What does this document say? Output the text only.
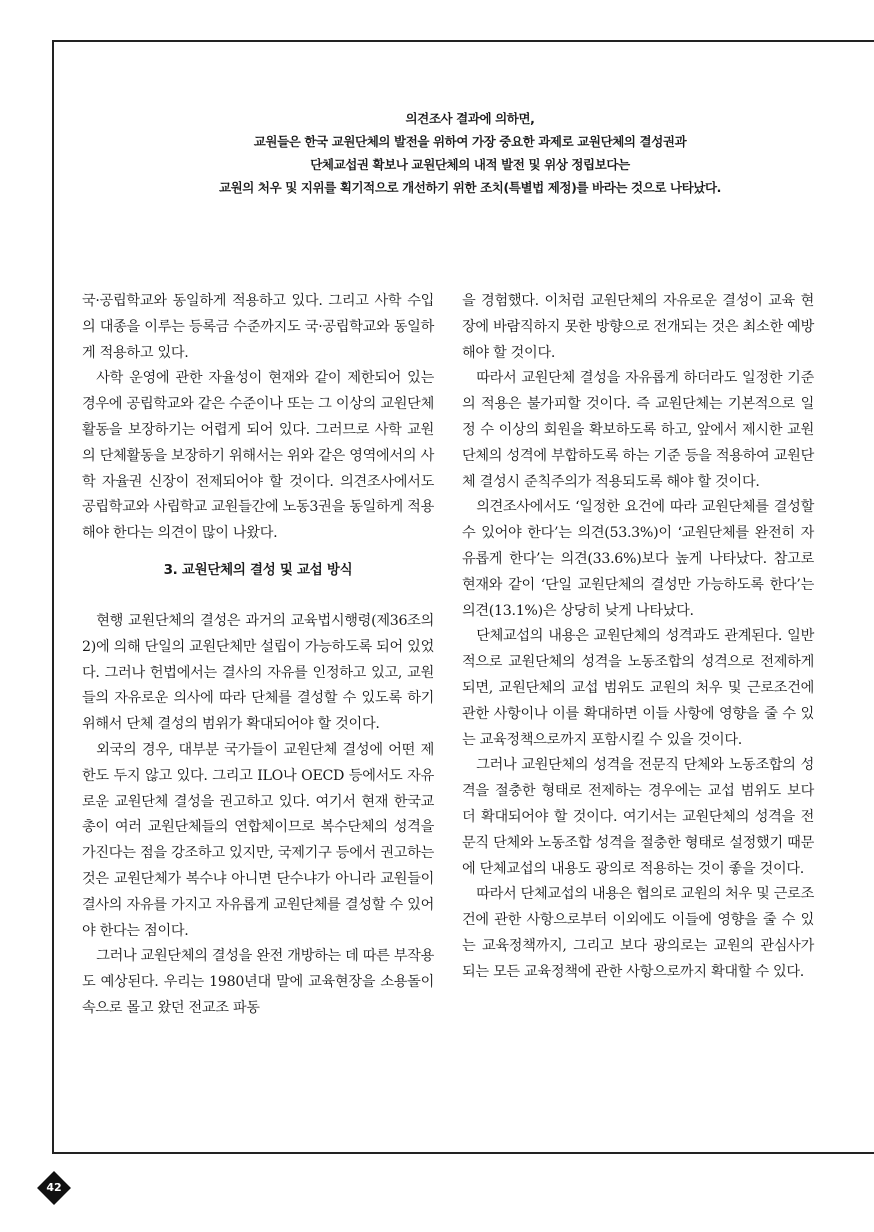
의견조사 결과에 의하면,
교원들은 한국 교원단체의 발전을 위하여 가장 중요한 과제로 교원단체의 결성권과
단체교섭권 확보나 교원단체의 내적 발전 및 위상 정립보다는
교원의 처우 및 지위를 획기적으로 개선하기 위한 조치(특별법 제정)를 바라는 것으로 나타났다.

국·공립학교와 동일하게 적용하고 있다. 그리고 사학 수입의 대종을 이루는 등록금 수준까지도 국·공립학교와 동일하게 적용하고 있다.

사학 운영에 관한 자율성이 현재와 같이 제한되어 있는 경우에 공립학교와 같은 수준이나 또는 그 이상의 교원단체 활동을 보장하기는 어렵게 되어 있다. 그러므로 사학 교원의 단체활동을 보장하기 위해서는 위와 같은 영역에서의 사학 자율권 신장이 전제되어야 할 것이다. 의견조사에서도 공립학교와 사립학교 교원들간에 노동3권을 동일하게 적용해야 한다는 의견이 많이 나왔다.

3. 교원단체의 결성 및 교섭 방식

현행 교원단체의 결성은 과거의 교육법시행령(제36조의 2)에 의해 단일의 교원단체만 설립이 가능하도록 되어 있었다. 그러나 헌법에서는 결사의 자유를 인정하고 있고, 교원들의 자유로운 의사에 따라 단체를 결성할 수 있도록 하기 위해서 단체 결성의 범위가 확대되어야 할 것이다.

외국의 경우, 대부분 국가들이 교원단체 결성에 어떤 제한도 두지 않고 있다. 그리고 ILO나 OECD 등에서도 자유로운 교원단체 결성을 권고하고 있다. 여기서 현재 한국교총이 여러 교원단체들의 연합체이므로 복수단체의 성격을 가진다는 점을 강조하고 있지만, 국제기구 등에서 권고하는 것은 교원단체가 복수냐 아니면 단수냐가 아니라 교원들이 결사의 자유를 가지고 자유롭게 교원단체를 결성할 수 있어야 한다는 점이다.

그러나 교원단체의 결성을 완전 개방하는 데 따른 부작용도 예상된다. 우리는 1980년대 말에 교육현장을 소용돌이 속으로 몰고 왔던 전교조 파동

을 경험했다. 이처럼 교원단체의 자유로운 결성이 교육 현장에 바람직하지 못한 방향으로 전개되는 것은 최소한 예방해야 할 것이다.

따라서 교원단체 결성을 자유롭게 하더라도 일정한 기준의 적용은 불가피할 것이다. 즉 교원단체는 기본적으로 일정 수 이상의 회원을 확보하도록 하고, 앞에서 제시한 교원단체의 성격에 부합하도록 하는 기준 등을 적용하여 교원단체 결성시 준칙주의가 적용되도록 해야 할 것이다.

의견조사에서도 ‘일정한 요건에 따라 교원단체를 결성할 수 있어야 한다’는 의견(53.3%)이 ‘교원단체를 완전히 자유롭게 한다’는 의견(33.6%)보다 높게 나타났다. 참고로 현재와 같이 ‘단일 교원단체의 결성만 가능하도록 한다’는 의견(13.1%)은 상당히 낮게 나타났다.

단체교섭의 내용은 교원단체의 성격과도 관계된다. 일반적으로 교원단체의 성격을 노동조합의 성격으로 전제하게 되면, 교원단체의 교섭 범위도 교원의 처우 및 근로조건에 관한 사항이나 이를 확대하면 이들 사항에 영향을 줄 수 있는 교육정책으로까지 포함시킬 수 있을 것이다.

그러나 교원단체의 성격을 전문직 단체와 노동조합의 성격을 절충한 형태로 전제하는 경우에는 교섭 범위도 보다 더 확대되어야 할 것이다. 여기서는 교원단체의 성격을 전문직 단체와 노동조합 성격을 절충한 형태로 설정했기 때문에 단체교섭의 내용도 광의로 적용하는 것이 좋을 것이다.

따라서 단체교섭의 내용은 협의로 교원의 처우 및 근로조건에 관한 사항으로부터 이외에도 이들에 영향을 줄 수 있는 교육정책까지, 그리고 보다 광의로는 교원의 관심사가 되는 모든 교육정책에 관한 사항으로까지 확대할 수 있다.

42
